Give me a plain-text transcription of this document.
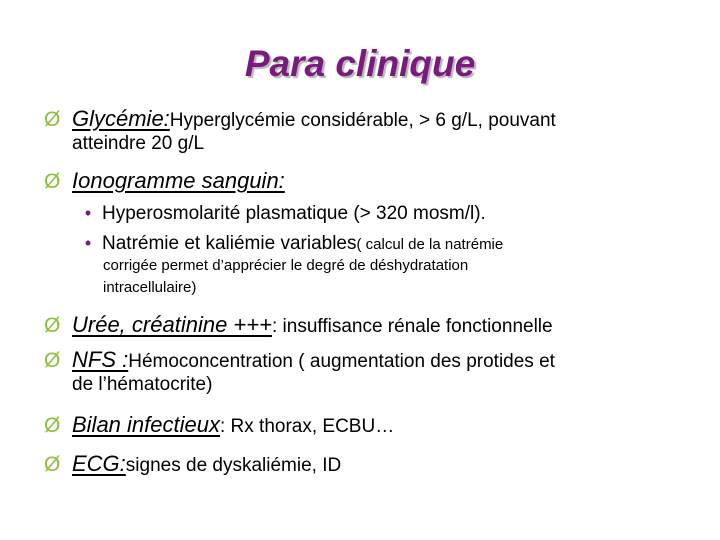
Para clinique
Ø Glycémie: Hyperglycémie considérable, > 6 g/L, pouvant
atteindre 20 g/L
Ø Ionogramme sanguin:
• Hyperosmolarité plasmatique (> 320 mosm/l).
• Natrémie et kaliémie variables ( calcul de la natrémie
corrigée permet d’apprécier le degré de déshydratation
intracellulaire)
Ø Urée, créatinine +++ : insuffisance rénale fonctionnelle
Ø NFS : Hémoconcentration ( augmentation des protides et
de l’hématocrite)
Ø Bilan infectieux : Rx thorax, ECBU…
Ø ECG: signes de dyskaliémie, ID
